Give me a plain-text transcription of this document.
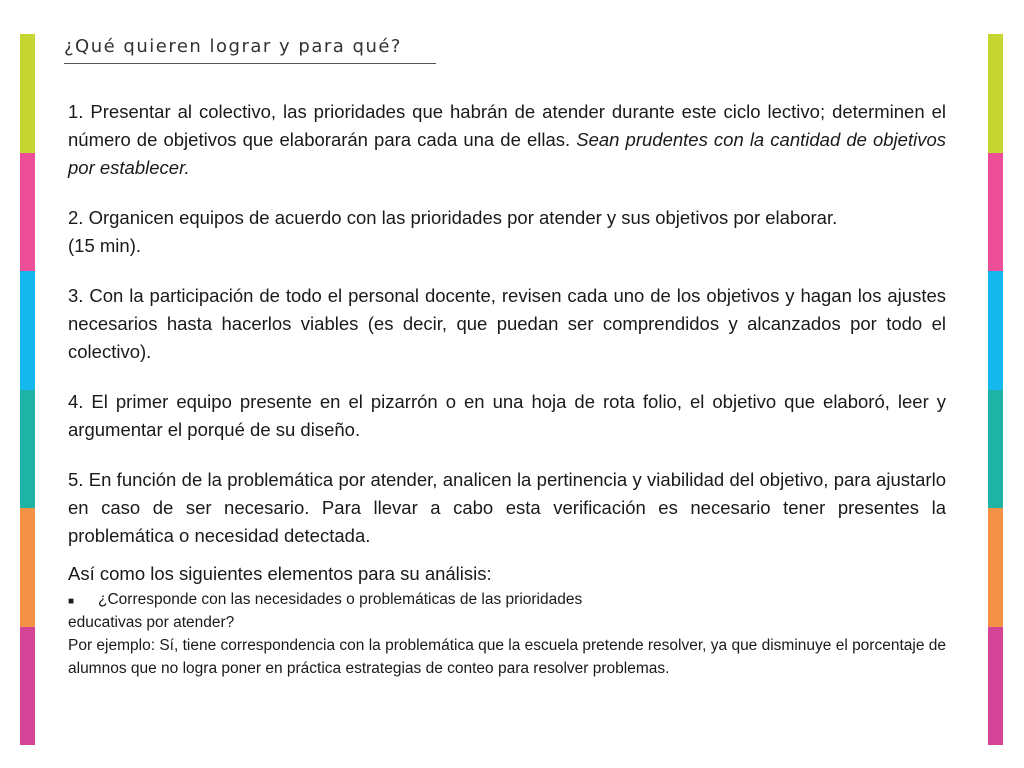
¿Qué quieren lograr y para qué?

1. Presentar al colectivo, las prioridades que habrán de atender durante este ciclo lectivo; determinen el número de objetivos que elaborarán para cada una de ellas. Sean prudentes con la cantidad de objetivos por establecer.

2. Organicen equipos de acuerdo con las prioridades por atender y sus objetivos por elaborar.
(15 min).

3. Con la participación de todo el personal docente, revisen cada uno de los objetivos y hagan los ajustes necesarios hasta hacerlos viables (es decir, que puedan ser comprendidos y alcanzados por todo el colectivo).

4. El primer equipo presente en el pizarrón o en una hoja de rota folio, el objetivo que elaboró, leer y argumentar el porqué de su diseño.

5. En función de la problemática por atender, analicen la pertinencia y viabilidad del objetivo, para ajustarlo en caso de ser necesario. Para llevar a cabo esta verificación es necesario tener presentes la problemática o necesidad detectada.

Así como los siguientes elementos para su análisis:

■	¿Corresponde con las necesidades o problemáticas de las prioridades

educativas por atender?

Por ejemplo: Sí, tiene correspondencia con la problemática que la escuela pretende resolver, ya que disminuye el porcentaje de alumnos que no logra poner en práctica estrategias de conteo para resolver problemas.
